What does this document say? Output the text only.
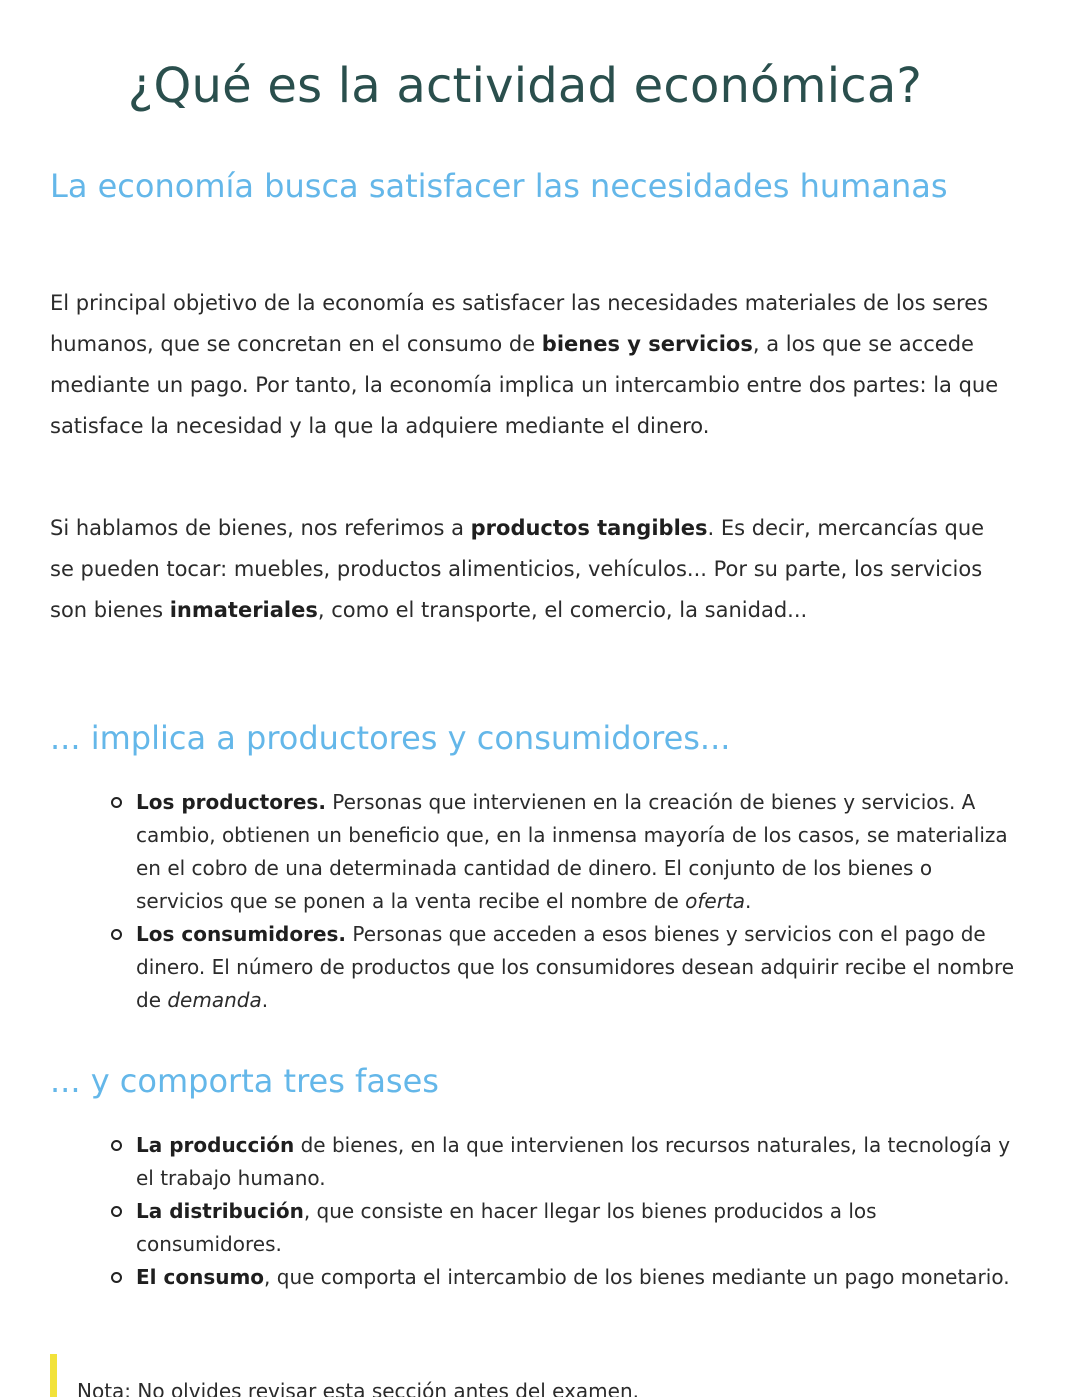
¿Qué es la actividad económica?
La economía busca satisfacer las necesidades humanas

El principal objetivo de la economía es satisfacer las necesidades materiales de los seres humanos, que se concretan en el consumo de bienes y servicios, a los que se accede mediante un pago. Por tanto, la economía implica un intercambio entre dos partes: la que satisface la necesidad y la que la adquiere mediante el dinero.

Si hablamos de bienes, nos referimos a productos tangibles. Es decir, mercancías que se pueden tocar: muebles, productos alimenticios, vehículos... Por su parte, los servicios son bienes inmateriales, como el transporte, el comercio, la sanidad...

... implica a productores y consumidores...
Los productores. Personas que intervienen en la creación de bienes y servicios. A cambio, obtienen un beneficio que, en la inmensa mayoría de los casos, se materializa en el cobro de una determinada cantidad de dinero. El conjunto de los bienes o servicios que se ponen a la venta recibe el nombre de oferta.
Los consumidores. Personas que acceden a esos bienes y servicios con el pago de dinero. El número de productos que los consumidores desean adquirir recibe el nombre de demanda.
... y comporta tres fases
La producción de bienes, en la que intervienen los recursos naturales, la tecnología y el trabajo humano.
La distribución, que consiste en hacer llegar los bienes producidos a los consumidores.
El consumo, que comporta el intercambio de los bienes mediante un pago monetario.
Nota: No olvides revisar esta sección antes del examen.
